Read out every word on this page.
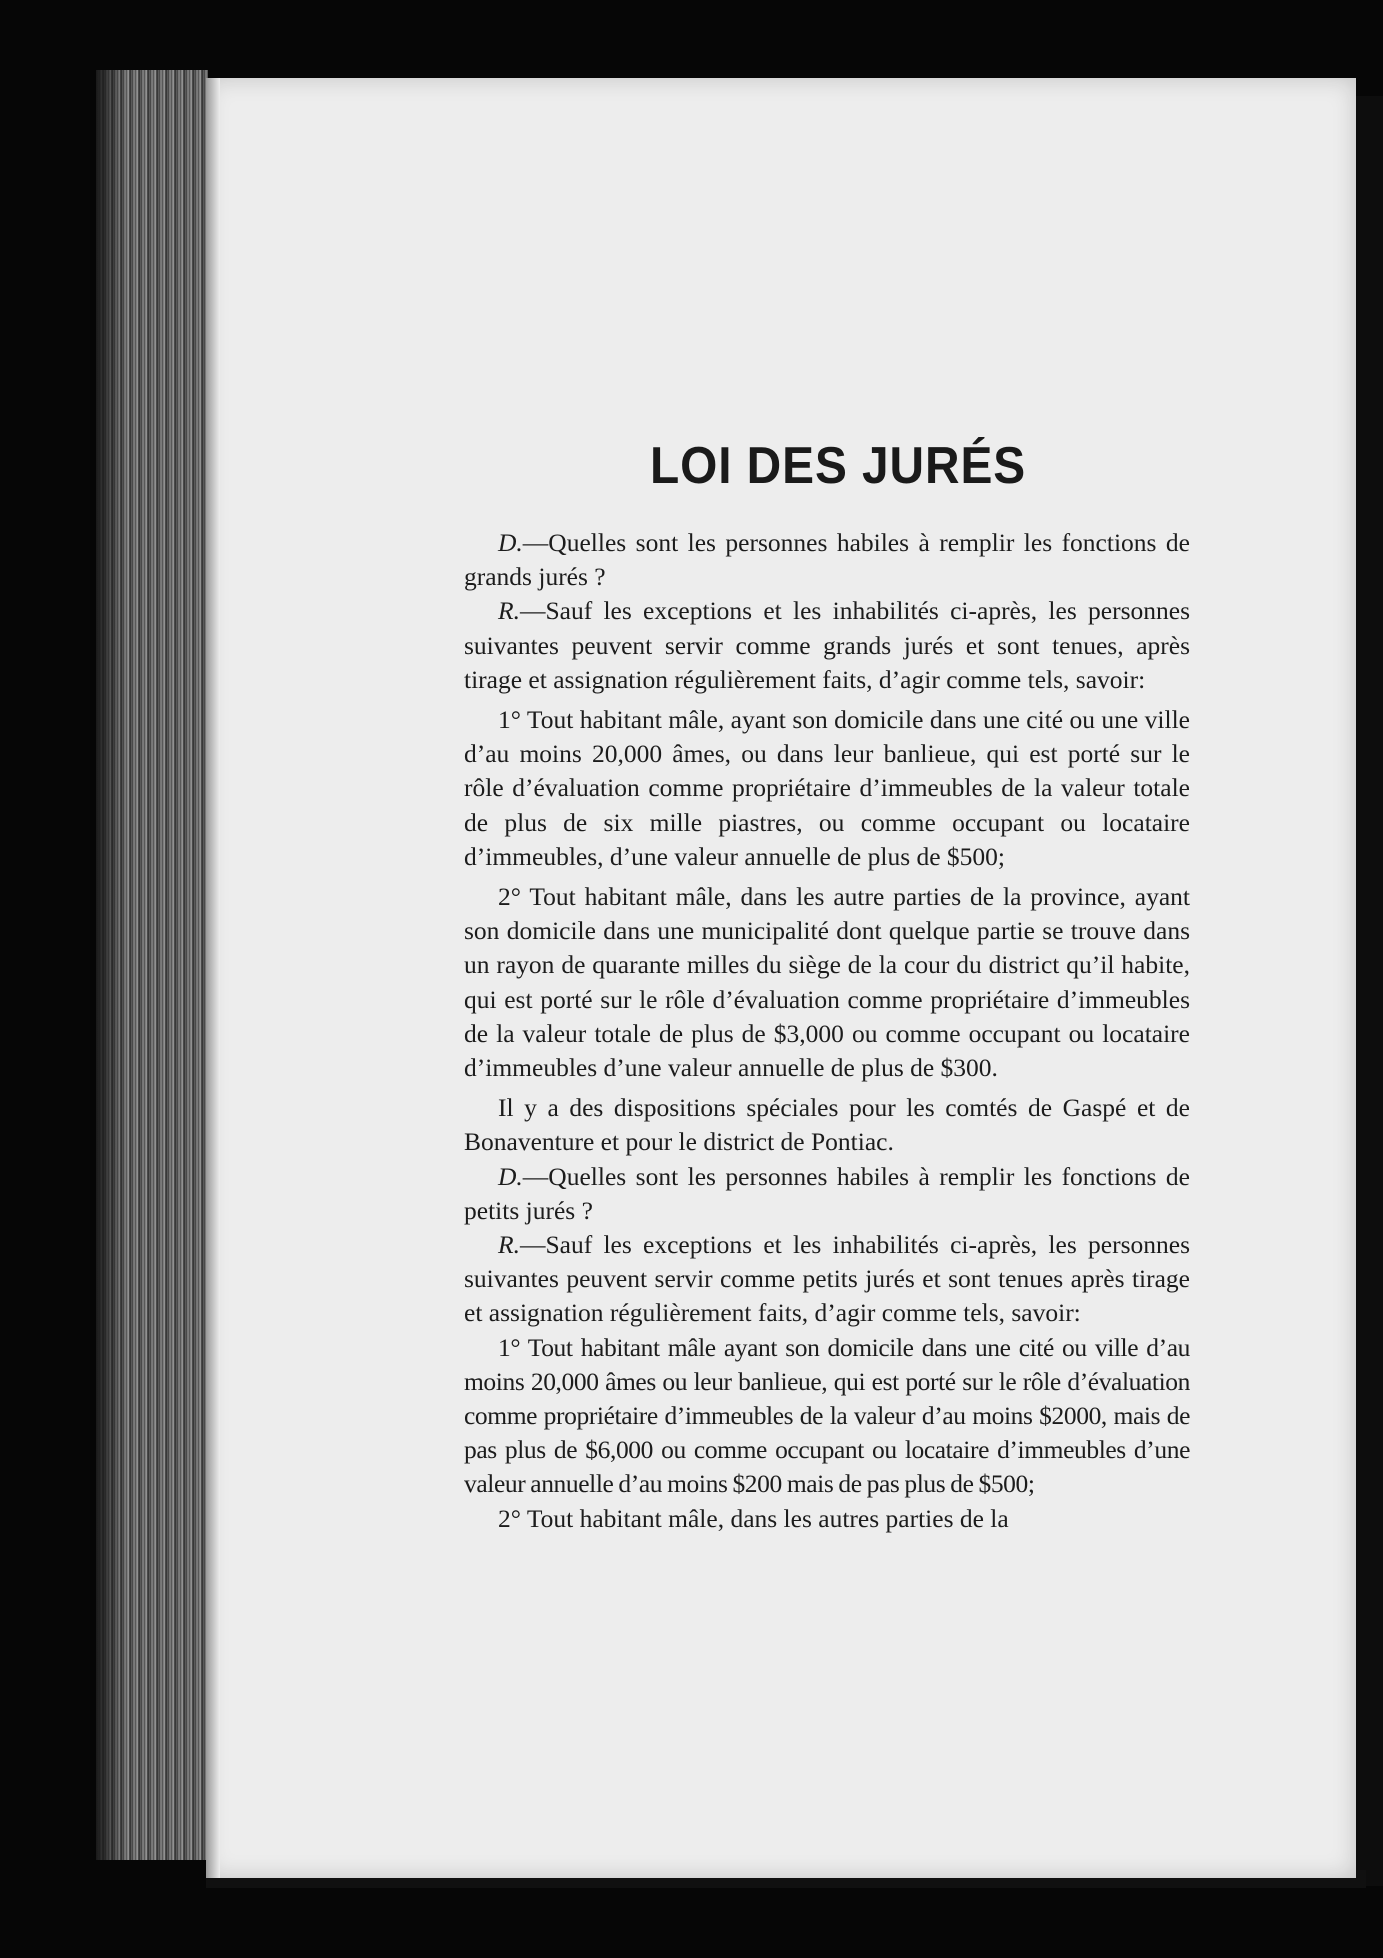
LOI DES JURÉS

D.—Quelles sont les personnes habiles à remplir les fonctions de grands jurés ?

R.—Sauf les exceptions et les inhabilités ci-après, les personnes suivantes peuvent servir comme grands jurés et sont tenues, après tirage et assignation régulièrement faits, d’agir comme tels, savoir:

1° Tout habitant mâle, ayant son domicile dans une cité ou une ville d’au moins 20,000 âmes, ou dans leur banlieue, qui est porté sur le rôle d’évaluation comme propriétaire d’immeubles de la valeur totale de plus de six mille piastres, ou comme occupant ou locataire d’immeubles, d’une valeur annuelle de plus de $500;

2° Tout habitant mâle, dans les autre parties de la province, ayant son domicile dans une municipalité dont quelque partie se trouve dans un rayon de quarante milles du siège de la cour du district qu’il habite, qui est porté sur le rôle d’évaluation comme propriétaire d’immeubles de la valeur totale de plus de $3,000 ou comme occupant ou locataire d’immeubles d’une valeur annuelle de plus de $300.

Il y a des dispositions spéciales pour les comtés de Gaspé et de Bonaventure et pour le district de Pontiac.

D.—Quelles sont les personnes habiles à remplir les fonctions de petits jurés ?

R.—Sauf les exceptions et les inhabilités ci-après, les personnes suivantes peuvent servir comme petits jurés et sont tenues après tirage et assignation régulièrement faits, d’agir comme tels, savoir:

1° Tout habitant mâle ayant son domicile dans une cité ou ville d’au moins 20,000 âmes ou leur banlieue, qui est porté sur le rôle d’évaluation comme propriétaire d’immeubles de la valeur d’au moins $2000, mais de pas plus de $6,000 ou comme occupant ou locataire d’immeubles d’une valeur annuelle d’au moins $200 mais de pas plus de $500;

2° Tout habitant mâle, dans les autres parties de la
